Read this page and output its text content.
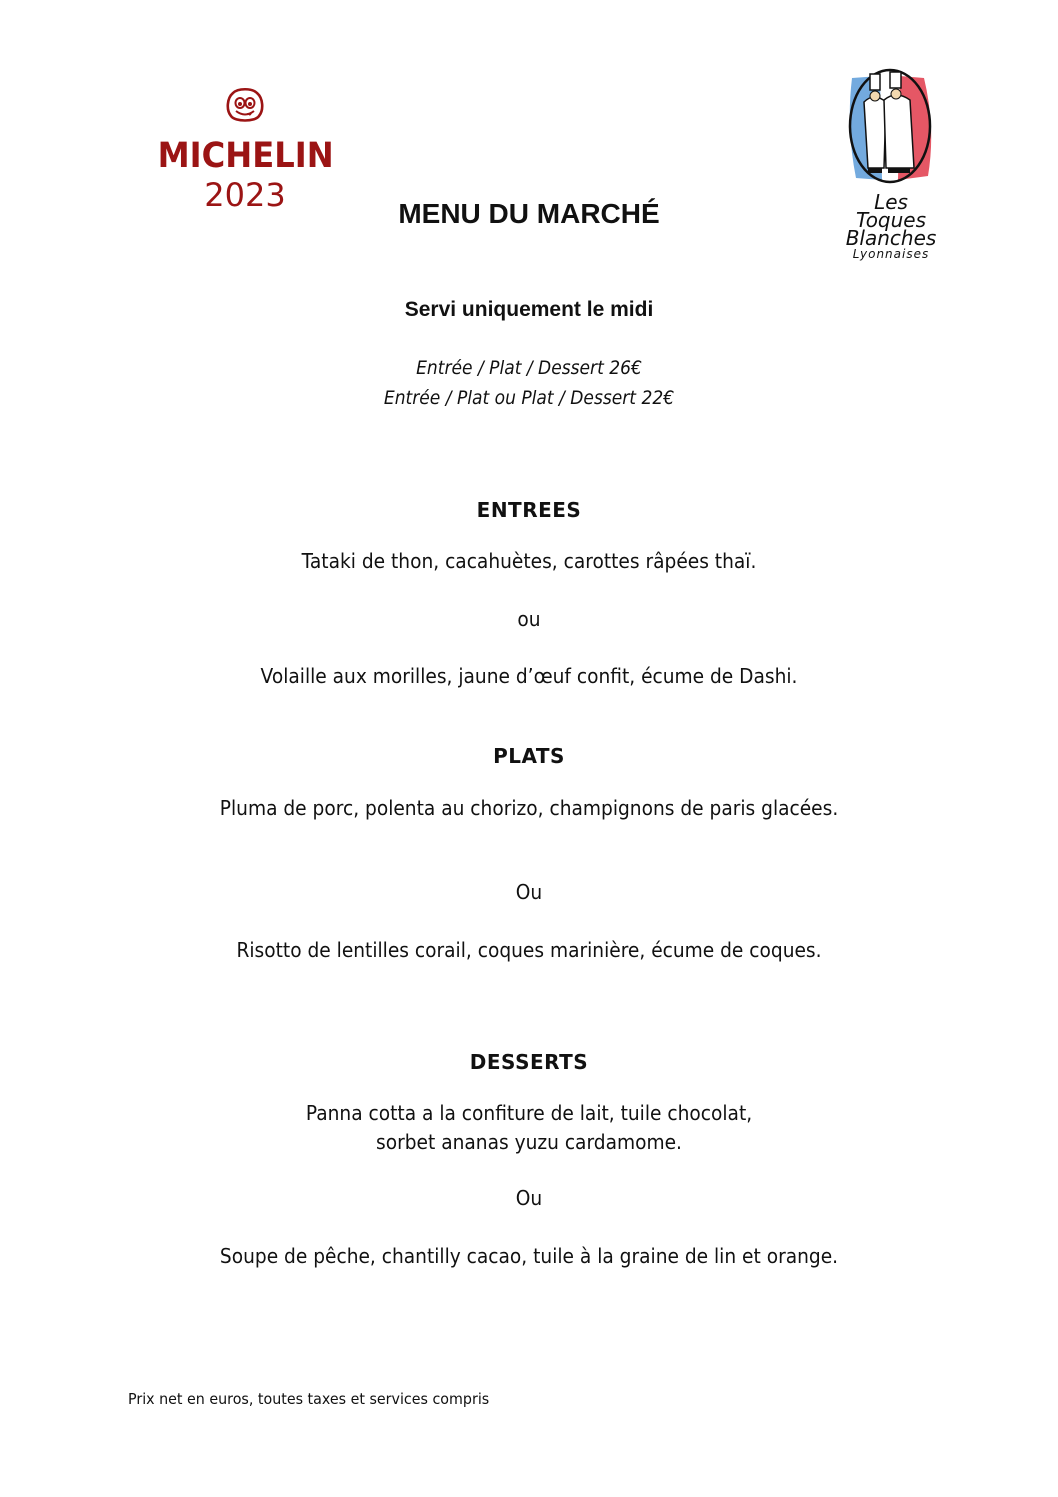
MICHELIN
2023	Les
Toques
Blanches
Lyonnaises
MENU DU MARCHÉ
Servi uniquement le midi
Entrée / Plat / Dessert 26€
Entrée / Plat ou Plat / Dessert 22€
ENTREES
Tataki de thon, cacahuètes, carottes râpées thaï.
ou
Volaille aux morilles, jaune d’œuf confit, écume de Dashi.
PLATS
Pluma de porc, polenta au chorizo, champignons de paris glacées.
Ou
Risotto de lentilles corail, coques marinière, écume de coques.
DESSERTS
Panna cotta a la confiture de lait, tuile chocolat,
sorbet ananas yuzu cardamome.
Ou
Soupe de pêche, chantilly cacao, tuile à la graine de lin et orange.
Prix net en euros, toutes taxes et services compris
